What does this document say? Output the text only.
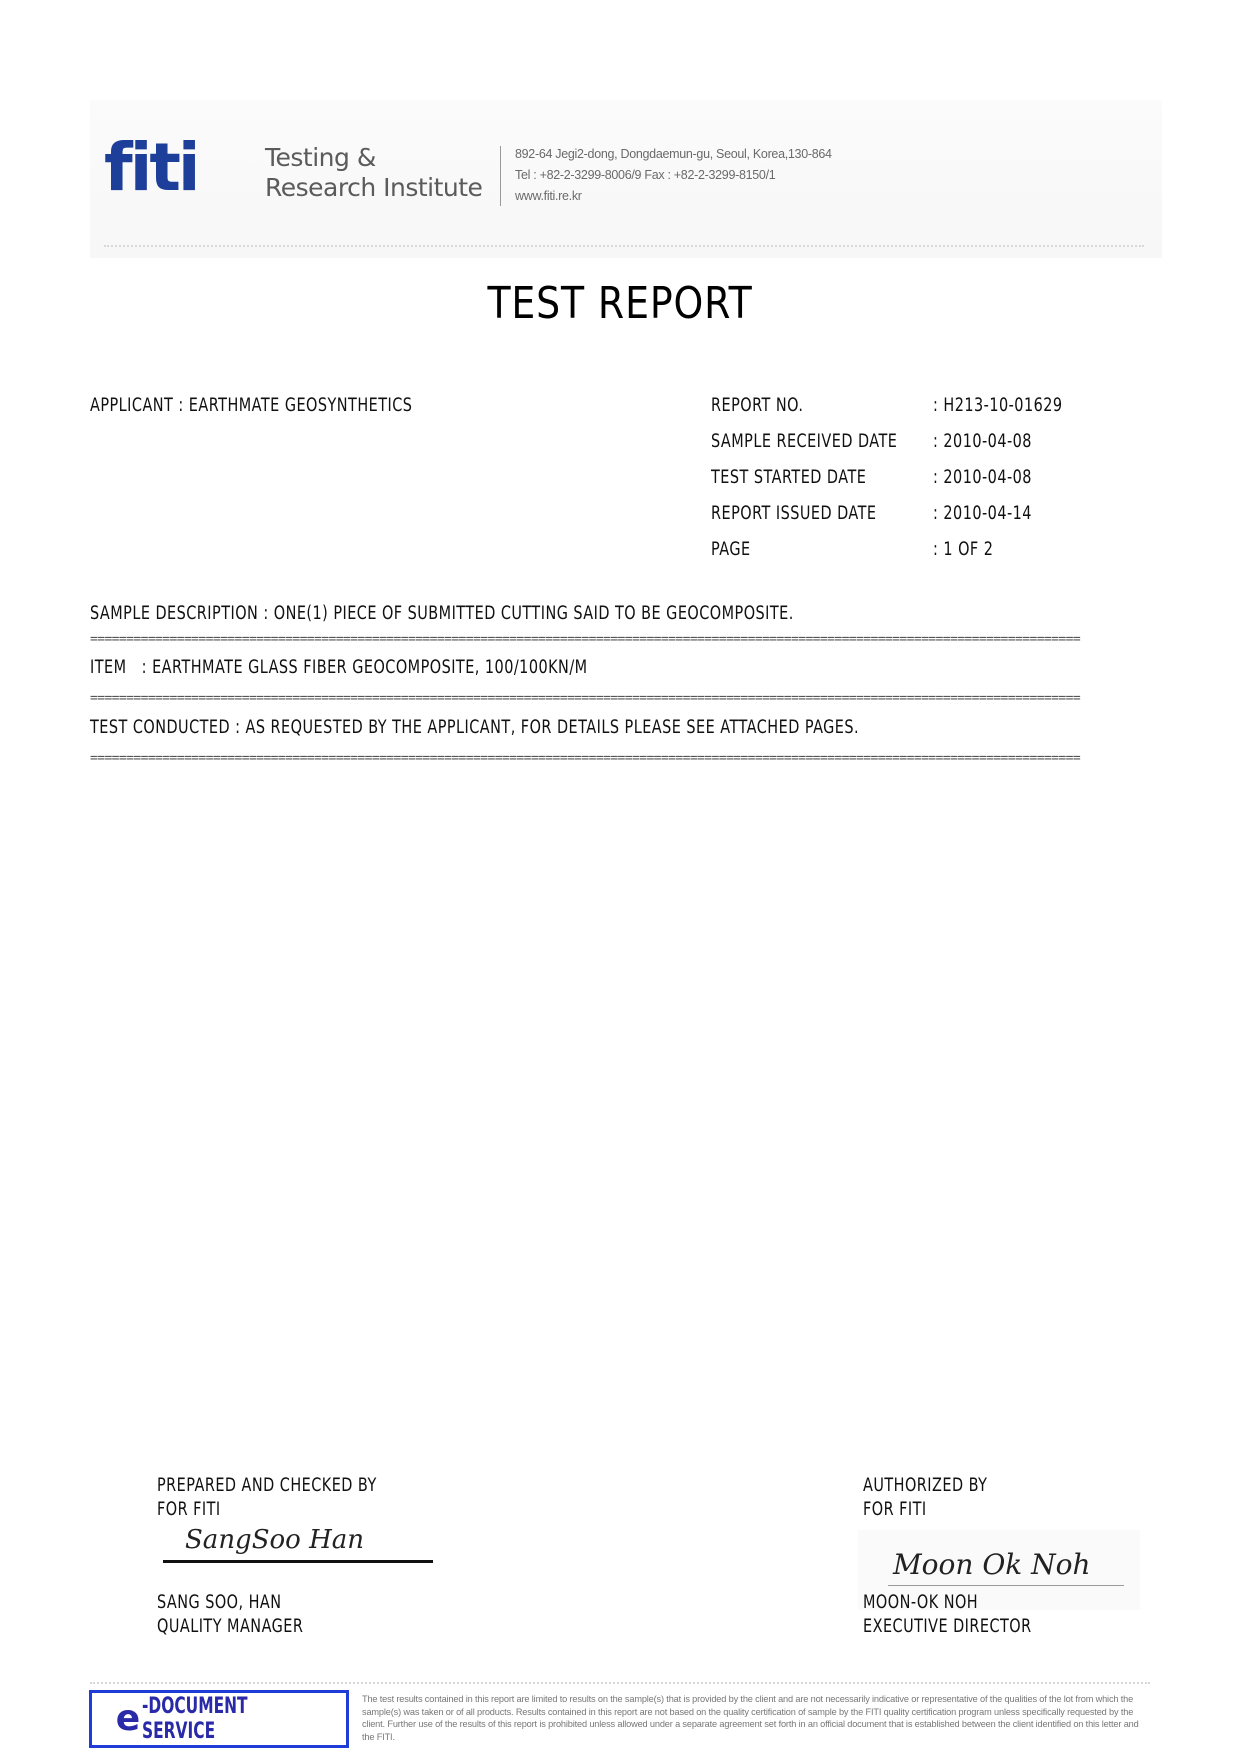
fiti	Testing &
Research Institute
892-64 Jegi2-dong, Dongdaemun-gu, Seoul, Korea,130-864
Tel : +82-2-3299-8006/9 Fax : +82-2-3299-8150/1
www.fiti.re.kr
TEST REPORT
APPLICANT : EARTHMATE GEOSYNTHETICS	REPORT NO.	: H213-10-01629
SAMPLE RECEIVED DATE : 2010-04-08
TEST STARTED DATE	: 2010-04-08
REPORT ISSUED DATE	: 2010-04-14
PAGE	: 1 OF 2
SAMPLE DESCRIPTION : ONE(1) PIECE OF SUBMITTED CUTTING SAID TO BE GEOCOMPOSITE.
=========================================================================================================================================
ITEM   : EARTHMATE GLASS FIBER GEOCOMPOSITE, 100/100KN/M
=========================================================================================================================================
TEST CONDUCTED : AS REQUESTED BY THE APPLICANT, FOR DETAILS PLEASE SEE ATTACHED PAGES.
=========================================================================================================================================
PREPARED AND CHECKED BY
FOR FITI
SangSoo Han
SANG SOO, HAN
QUALITY MANAGER
AUTHORIZED BY
FOR FITI
Moon Ok Noh
MOON-OK NOH
EXECUTIVE DIRECTOR
e -DOCUMENT SERVICE
The test results contained in this report are limited to results on the sample(s) that is provided by the client and are not necessarily indicative or representative of the qualities of the lot from which the sample(s) was taken or of all products. Results contained in this report are not based on the quality certification of sample by the FITI quality certification program unless specifically requested by the client. Further use of the results of this report is prohibited unless allowed under a separate agreement set forth in an official document that is established between the client identified on this letter and the FITI.
